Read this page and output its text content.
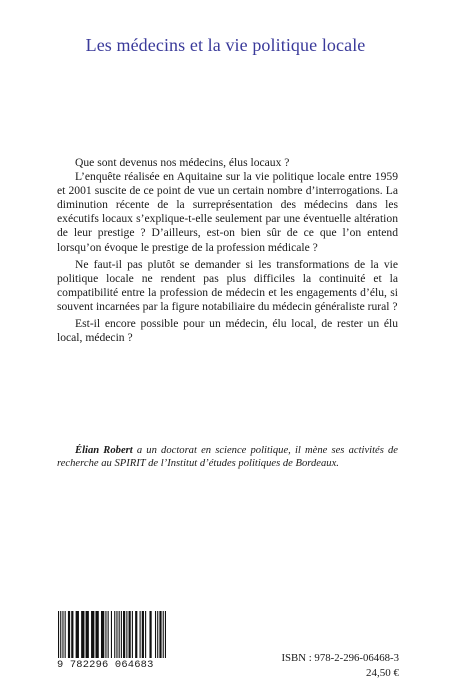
Les médecins et la vie politique locale

Que sont devenus nos médecins, élus locaux ?

L’enquête réalisée en Aquitaine sur la vie politique locale entre 1959 et 2001 suscite de ce point de vue un certain nombre d’interrogations. La diminution récente de la surreprésentation des médecins dans les exécutifs locaux s’explique-t-elle seulement par une éventuelle altération de leur prestige ? D’ailleurs, est-on bien sûr de ce que l’on entend lorsqu’on évoque le prestige de la profession médicale ?

Ne faut-il pas plutôt se demander si les transformations de la vie politique locale ne rendent pas plus difficiles la continuité et la compatibilité entre la profession de médecin et les engagements d’élu, si souvent incarnées par la figure notabiliaire du médecin généraliste rural ?

Est-il encore possible pour un médecin, élu local, de rester un élu local, médecin ?

Élian Robert a un doctorat en science politique, il mène ses activités de recherche au SPIRIT de l’Institut d’études politiques de Bordeaux.
9 782296 064683
ISBN : 978-2-296-06468-3
24,50 €
